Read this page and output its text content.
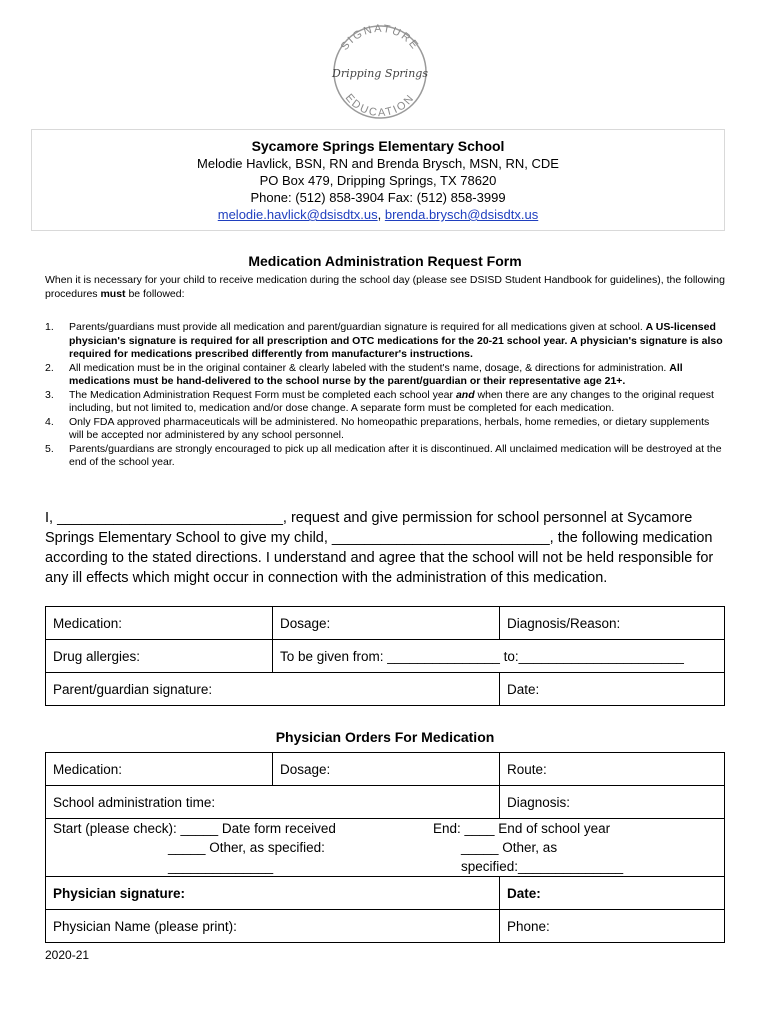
SIGNATURE
Dripping Springs
EDUCATION
Sycamore Springs Elementary School
Melodie Havlick, BSN, RN and Brenda Brysch, MSN, RN, CDE
PO Box 479, Dripping Springs, TX 78620
Phone: (512) 858-3904 Fax: (512) 858-3999
melodie.havlick@dsisdtx.us, brenda.brysch@dsisdtx.us
Medication Administration Request Form
When it is necessary for your child to receive medication during the school day (please see DSISD Student Handbook for guidelines), the following procedures must be followed:
1. Parents/guardians must provide all medication and parent/guardian signature is required for all medications given at school. A US-licensed physician's signature is required for all prescription and OTC medications for the 20-21 school year. A physician's signature is also required for medications prescribed differently from manufacturer's instructions.
2. All medication must be in the original container & clearly labeled with the student's name, dosage, & directions for administration. All medications must be hand-delivered to the school nurse by the parent/guardian or their representative age 21+.
3. The Medication Administration Request Form must be completed each school year and when there are any changes to the original request including, but not limited to, medication and/or dose change. A separate form must be completed for each medication.
4. Only FDA approved pharmaceuticals will be administered. No homeopathic preparations, herbals, home remedies, or dietary supplements will be accepted nor administered by any school personnel.
5. Parents/guardians are strongly encouraged to pick up all medication after it is discontinued. All unclaimed medication will be destroyed at the end of the school year.
I, ____________________________, request and give permission for school personnel at Sycamore Springs Elementary School to give my child, ___________________________, the following medication according to the stated directions. I understand and agree that the school will not be held responsible for any ill effects which might occur in connection with the administration of this medication.
Medication:	Dosage:	Diagnosis/Reason:
Drug allergies:	To be given from: _______________ to:______________________	
Parent/guardian signature:		Date:
Physician Orders For Medication
Medication:	Dosage:	Route:
School administration time:		Diagnosis:

Start (please check): _____ Date form received End: ____ End of school year
_____ Other, as specified: ______________
_____ Other, as specified:______________		

Physician signature:		Date:
Physician Name (please print):		Phone:
2020-21
